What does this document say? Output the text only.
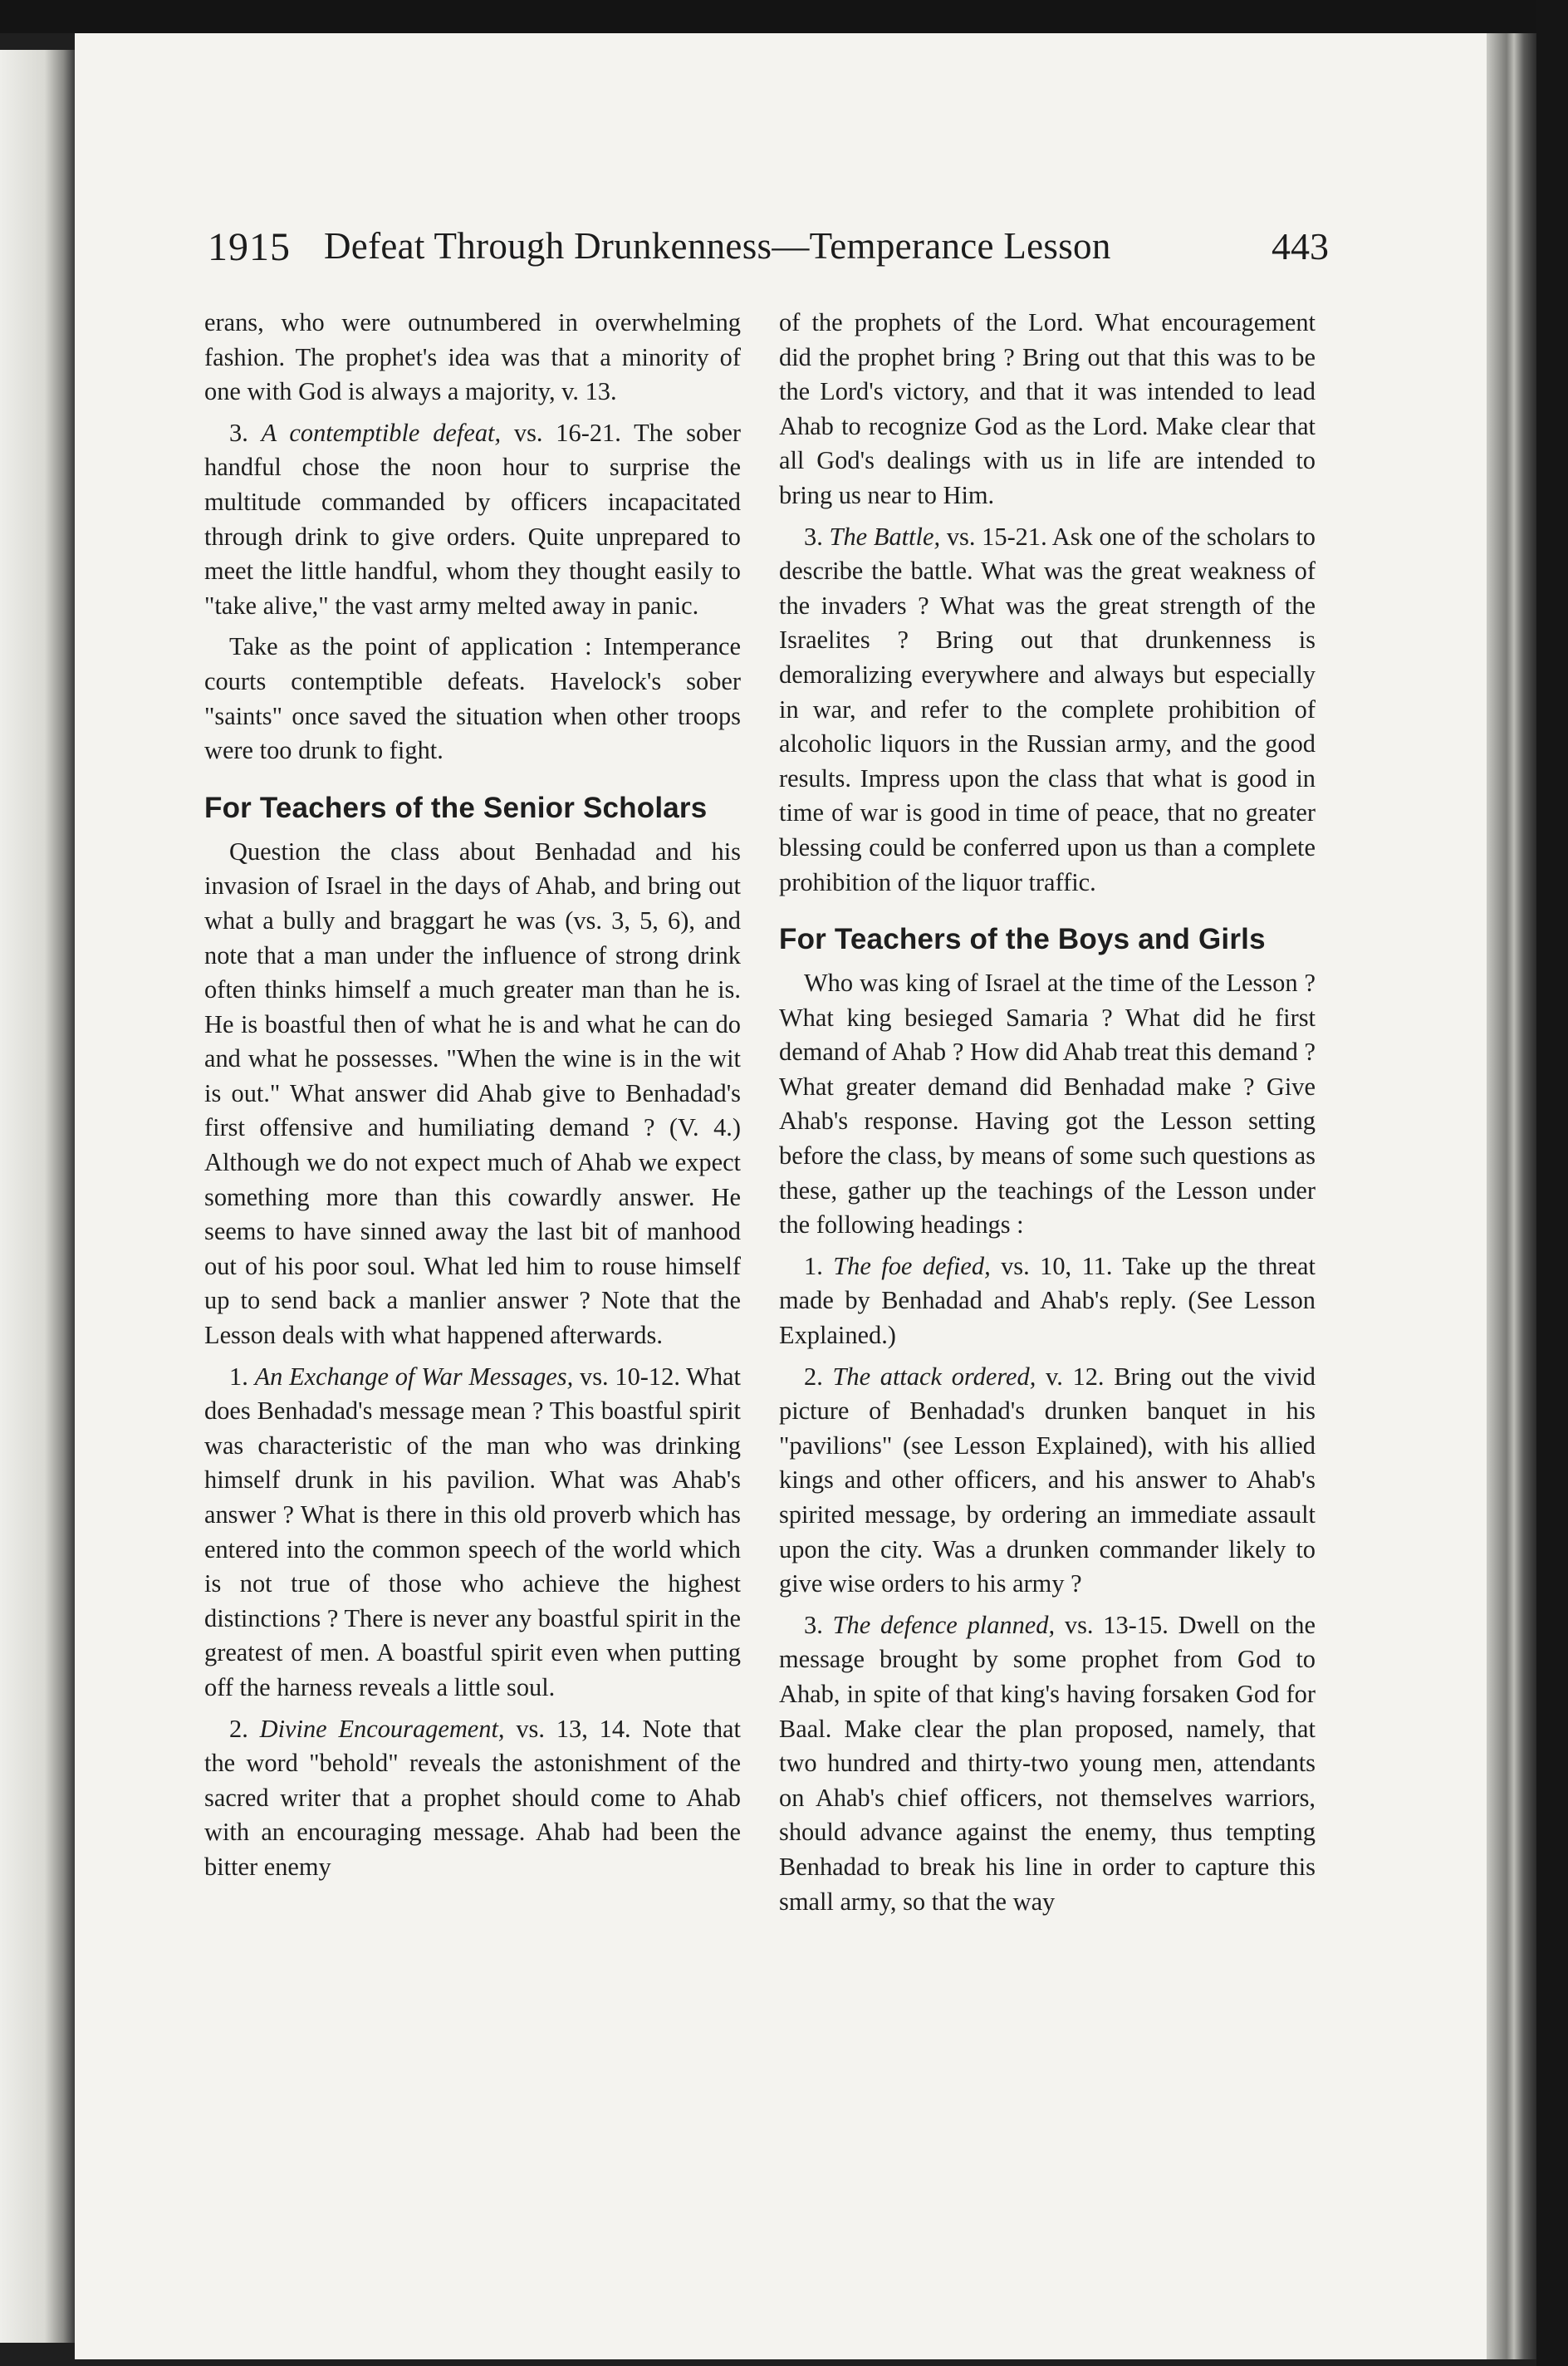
1915 Defeat Through Drunkenness—Temperance Lesson	443

erans, who were outnumbered in overwhelming fashion. The prophet's idea was that a minority of one with God is always a majority, v. 13.

3. A contemptible defeat, vs. 16-21. The sober handful chose the noon hour to surprise the multitude commanded by officers incapacitated through drink to give orders. Quite unprepared to meet the little handful, whom they thought easily to "take alive," the vast army melted away in panic.

Take as the point of application : Intemperance courts contemptible defeats. Havelock's sober "saints" once saved the situation when other troops were too drunk to fight.

For Teachers of the Senior Scholars

Question the class about Benhadad and his invasion of Israel in the days of Ahab, and bring out what a bully and braggart he was (vs. 3, 5, 6), and note that a man under the influence of strong drink often thinks himself a much greater man than he is. He is boastful then of what he is and what he can do and what he possesses. "When the wine is in the wit is out." What answer did Ahab give to Benhadad's first offensive and humiliating demand ? (V. 4.) Although we do not expect much of Ahab we expect something more than this cowardly answer. He seems to have sinned away the last bit of manhood out of his poor soul. What led him to rouse himself up to send back a manlier answer ? Note that the Lesson deals with what happened afterwards.

1. An Exchange of War Messages, vs. 10-12. What does Benhadad's message mean ? This boastful spirit was characteristic of the man who was drinking himself drunk in his pavilion. What was Ahab's answer ? What is there in this old proverb which has entered into the common speech of the world which is not true of those who achieve the highest distinctions ? There is never any boastful spirit in the greatest of men. A boastful spirit even when putting off the harness reveals a little soul.

2. Divine Encouragement, vs. 13, 14. Note that the word "behold" reveals the astonishment of the sacred writer that a prophet should come to Ahab with an encouraging message. Ahab had been the bitter enemy

of the prophets of the Lord. What encouragement did the prophet bring ? Bring out that this was to be the Lord's victory, and that it was intended to lead Ahab to recognize God as the Lord. Make clear that all God's dealings with us in life are intended to bring us near to Him.

3. The Battle, vs. 15-21. Ask one of the scholars to describe the battle. What was the great weakness of the invaders ? What was the great strength of the Israelites ? Bring out that drunkenness is demoralizing everywhere and always but especially in war, and refer to the complete prohibition of alcoholic liquors in the Russian army, and the good results. Impress upon the class that what is good in time of war is good in time of peace, that no greater blessing could be conferred upon us than a complete prohibition of the liquor traffic.

For Teachers of the Boys and Girls

Who was king of Israel at the time of the Lesson ? What king besieged Samaria ? What did he first demand of Ahab ? How did Ahab treat this demand ? What greater demand did Benhadad make ? Give Ahab's response. Having got the Lesson setting before the class, by means of some such questions as these, gather up the teachings of the Lesson under the following headings :

1. The foe defied, vs. 10, 11. Take up the threat made by Benhadad and Ahab's reply. (See Lesson Explained.)

2. The attack ordered, v. 12. Bring out the vivid picture of Benhadad's drunken banquet in his "pavilions" (see Lesson Explained), with his allied kings and other officers, and his answer to Ahab's spirited message, by ordering an immediate assault upon the city. Was a drunken commander likely to give wise orders to his army ?

3. The defence planned, vs. 13-15. Dwell on the message brought by some prophet from God to Ahab, in spite of that king's having forsaken God for Baal. Make clear the plan proposed, namely, that two hundred and thirty-two young men, attendants on Ahab's chief officers, not themselves warriors, should advance against the enemy, thus tempting Benhadad to break his line in order to capture this small army, so that the way
